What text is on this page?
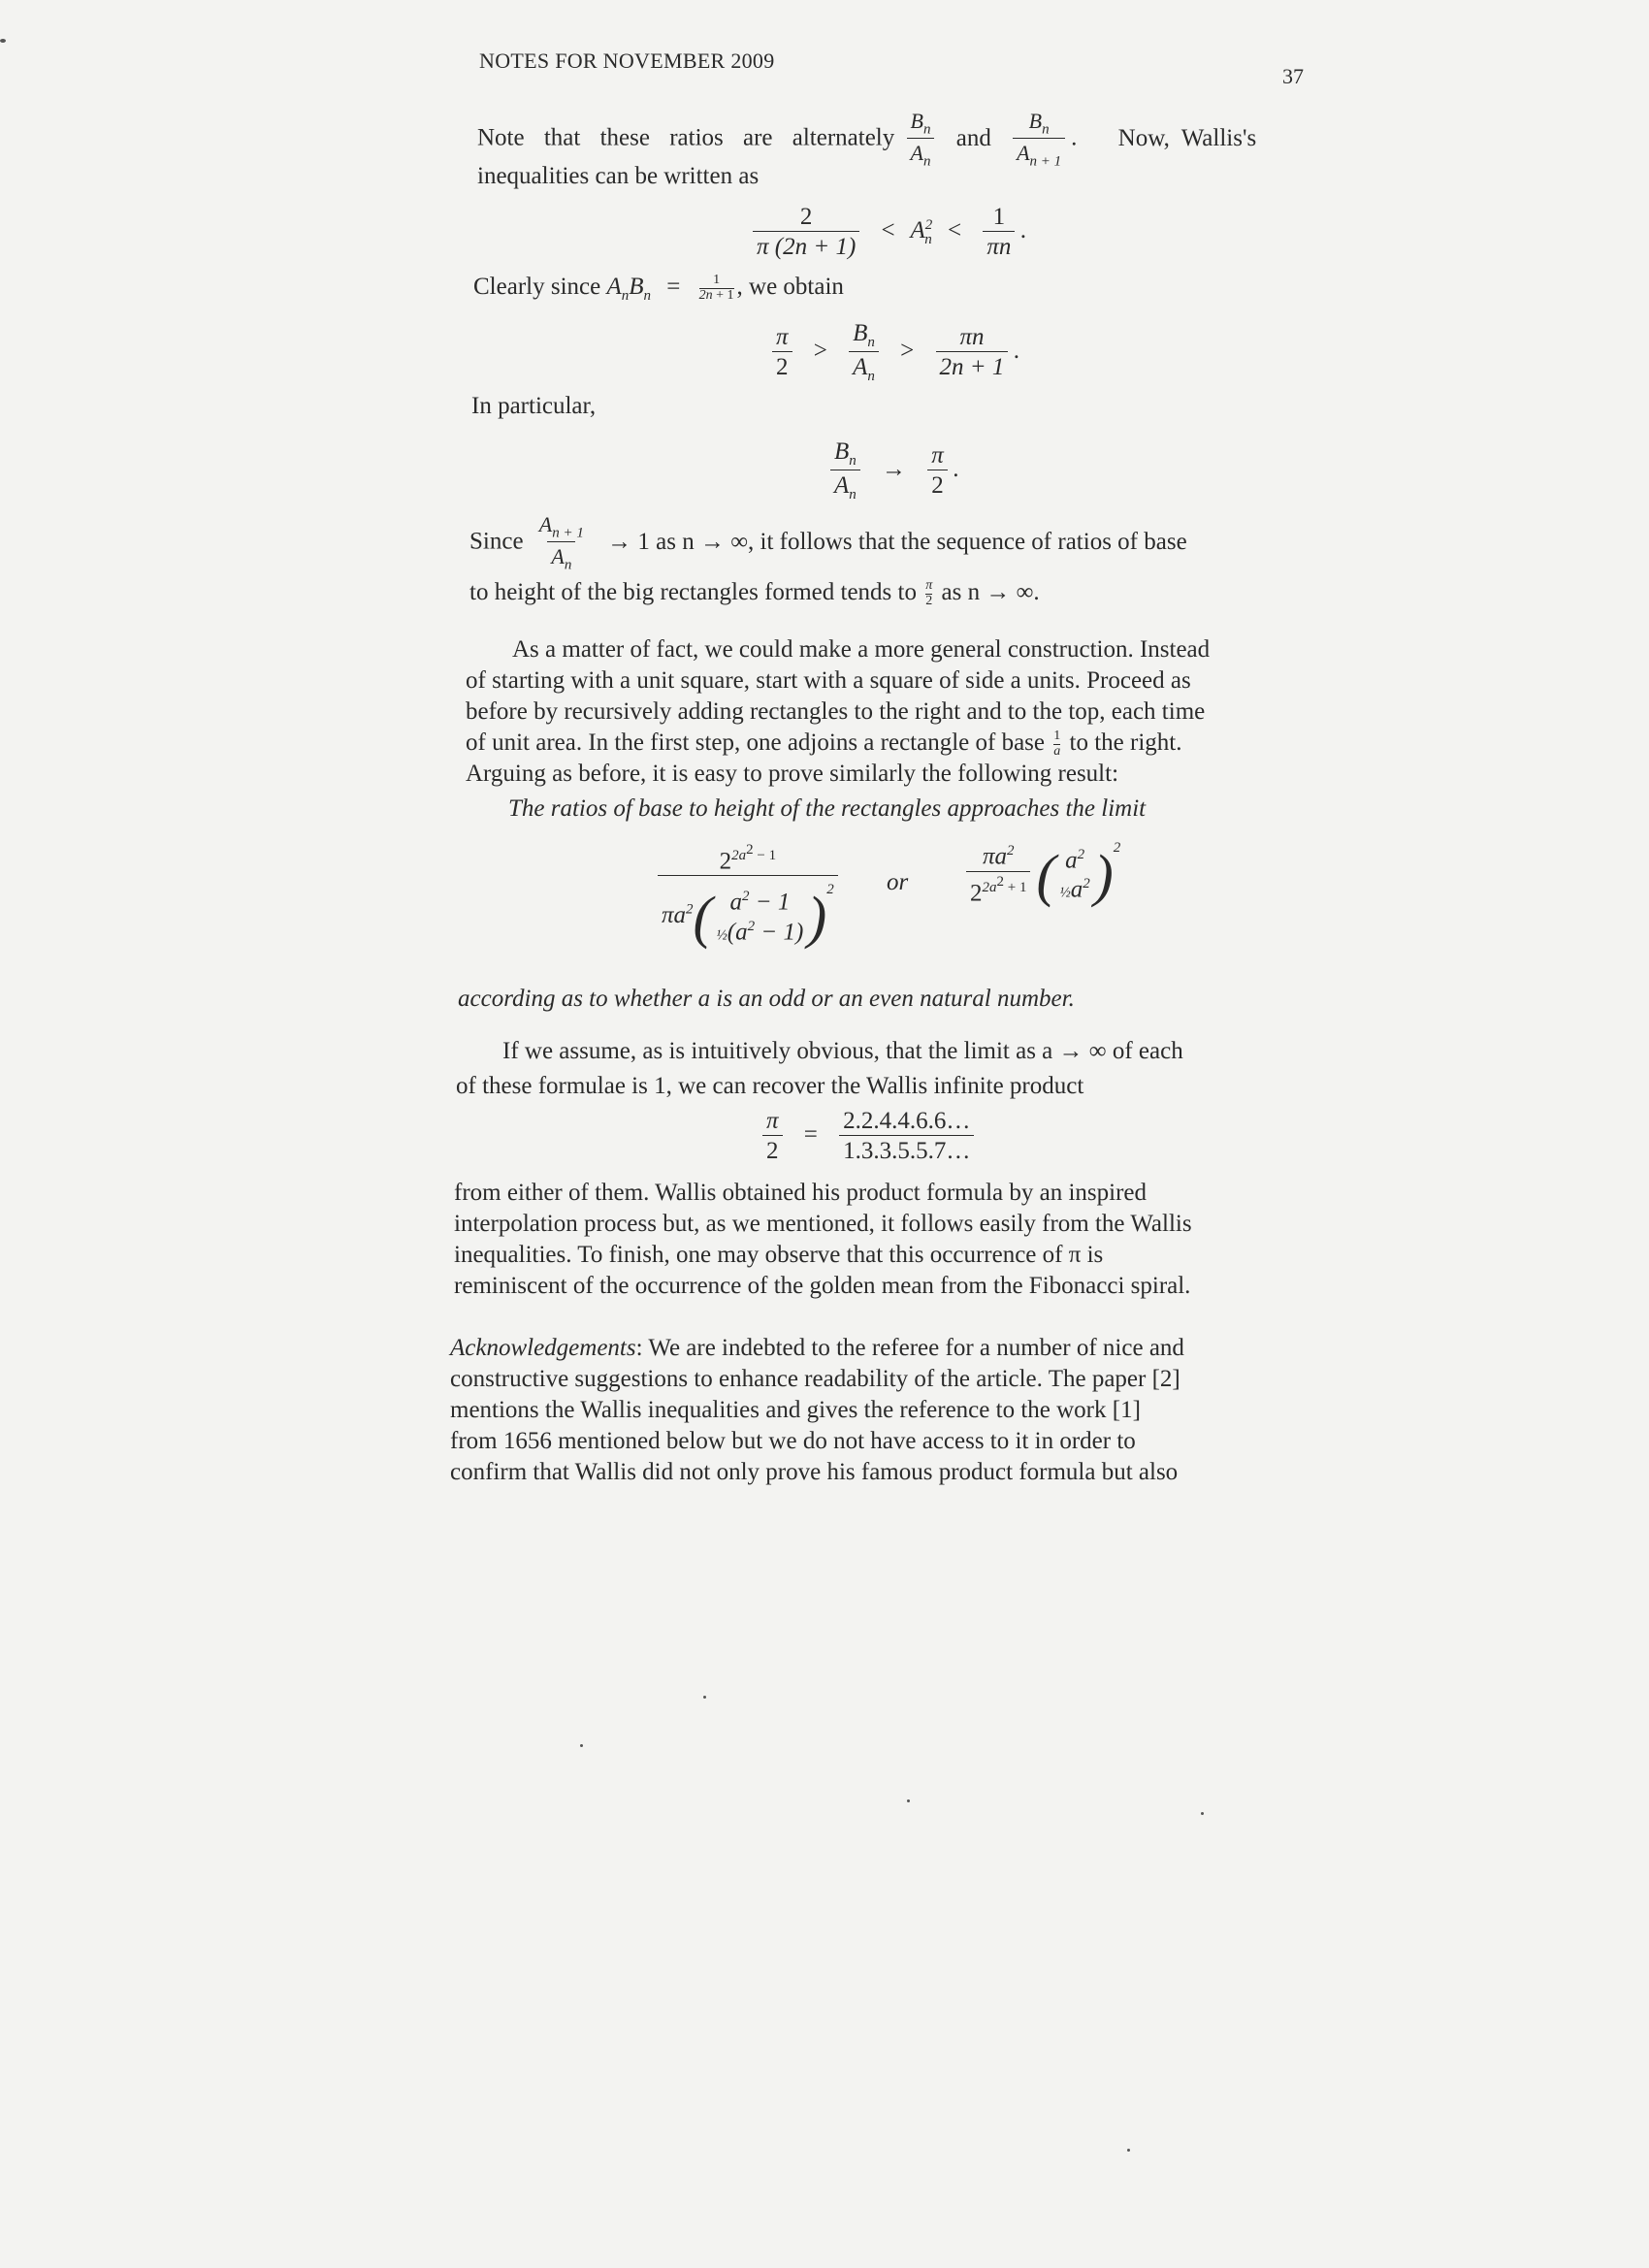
NOTES FOR NOVEMBER 2009
37
Note that these ratios are alternately $\frac{B_n}{A_n}$ and $\frac{B_n}{A_{n + 1}}$ . Now, Wallis's
inequalities can be written as
$\frac{2}{\pi (2n + 1)} < A^2_n < \frac{1}{\pi n}$ .
Clearly since $A_nB_n = \frac{1}{2n + 1}$ , we obtain
$\frac{\pi}{2} > \frac{B_n}{A_n} > \frac{\pi n}{2n + 1}$ .
In particular,
$\frac{B_n}{A_n} \to \frac{\pi}{2}$ .
Since $\frac{A_{n + 1}}{A_n} \to 1$ as n → ∞, it follows that the sequence of ratios of base
to height of the big rectangles formed tends to $\frac{\pi}{2}$ as n → ∞.
As a matter of fact, we could make a more general construction. Instead
of starting with a unit square, start with a square of side a units. Proceed as
before by recursively adding rectangles to the right and to the top, each time
of unit area. In the first step, one adjoins a rectangle of base $\frac{1}{a}$ to the right.
Arguing as before, it is easy to prove similarly the following result:
The ratios of base to height of the rectangles approaches the limit
$2^{2a^2 - 1}$
$\pi a^2$( $a^2 - 1$
$\frac{1}{2}(a^2 - 1)$ )$^2$ or $\frac{\pi a^2}{2^{2a^2 + 1}}$ ( $a^2$
$\frac{1}{2}a^2$ )$^2$
according as to whether a is an odd or an even natural number.
If we assume, as is intuitively obvious, that the limit as a → ∞ of each
of these formulae is 1, we can recover the Wallis infinite product
$\frac{\pi}{2} = \frac{2.2.4.4.6.6\dots}{1.3.3.5.5.7\dots}$
from either of them. Wallis obtained his product formula by an inspired
interpolation process but, as we mentioned, it follows easily from the Wallis
inequalities. To finish, one may observe that this occurrence of π is
reminiscent of the occurrence of the golden mean from the Fibonacci spiral.
Acknowledgements: We are indebted to the referee for a number of nice and
constructive suggestions to enhance readability of the article. The paper [2]
mentions the Wallis inequalities and gives the reference to the work [1]
from 1656 mentioned below but we do not have access to it in order to
confirm that Wallis did not only prove his famous product formula but also
